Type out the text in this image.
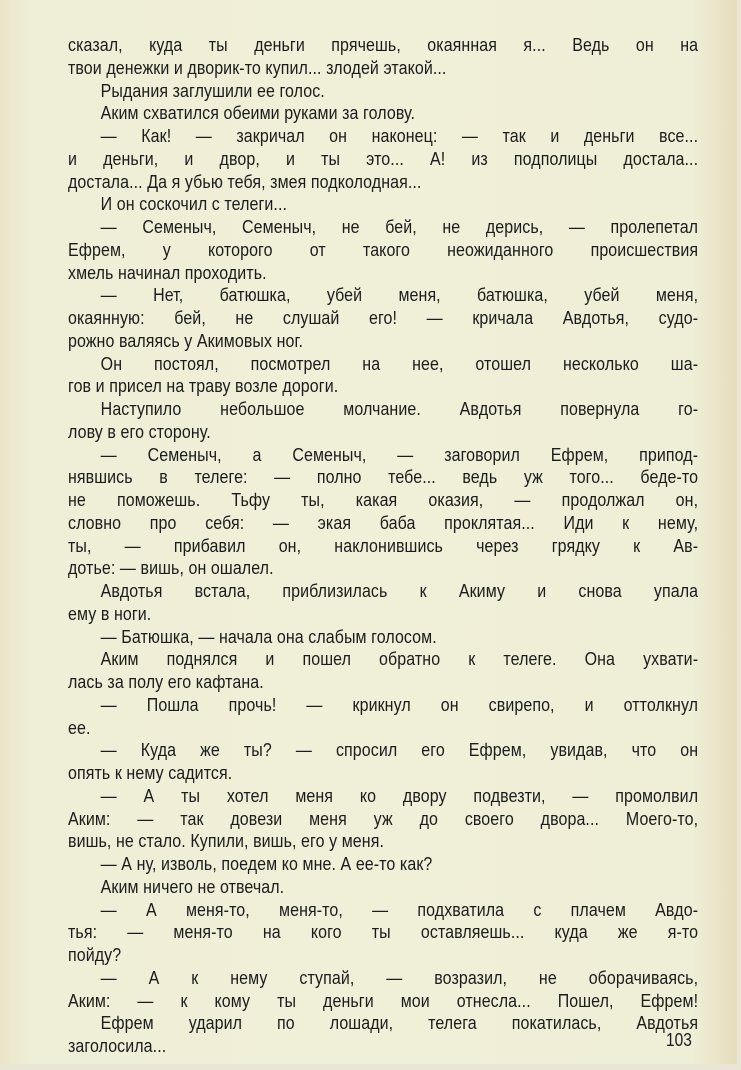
сказал, куда ты деньги прячешь, окаянная я... Ведь он на
твои денежки и дворик-то купил... злодей этакой...
Рыдания заглушили ее голос.
Аким схватился обеими руками за голову.
— Как! — закричал он наконец: — так и деньги все...
и деньги, и двор, и ты это... А! из подполицы достала...
достала... Да я убью тебя, змея подколодная...
И он соскочил с телеги...
— Семеныч, Семеныч, не бей, не дерись, — пролепетал
Ефрем, у которого от такого неожиданного происшествия
хмель начинал проходить.
— Нет, батюшка, убей меня, батюшка, убей меня,
окаянную: бей, не слушай его! — кричала Авдотья, судо-
рожно валяясь у Акимовых ног.
Он постоял, посмотрел на нее, отошел несколько ша-
гов и присел на траву возле дороги.
Наступило небольшое молчание. Авдотья повернула го-
лову в его сторону.
— Семеныч, а Семеныч, — заговорил Ефрем, припод-
нявшись в телеге: — полно тебе... ведь уж того... беде-то
не поможешь. Тьфу ты, какая оказия, — продолжал он,
словно про себя: — экая баба проклятая... Иди к нему,
ты, — прибавил он, наклонившись через грядку к Ав-
дотье: — вишь, он ошалел.
Авдотья встала, приблизилась к Акиму и снова упала
ему в ноги.
— Батюшка, — начала она слабым голосом.
Аким поднялся и пошел обратно к телеге. Она ухвати-
лась за полу его кафтана.
— Пошла прочь! — крикнул он свирепо, и оттолкнул
ее.
— Куда же ты? — спросил его Ефрем, увидав, что он
опять к нему садится.
— А ты хотел меня ко двору подвезти, — промолвил
Аким: — так довези меня уж до своего двора... Моего-то,
вишь, не стало. Купили, вишь, его у меня.
— А ну, изволь, поедем ко мне. А ее-то как?
Аким ничего не отвечал.
— А меня-то, меня-то, — подхватила с плачем Авдо-
тья: — меня-то на кого ты оставляешь... куда же я-то
пойду?
— А к нему ступай, — возразил, не оборачиваясь,
Аким: — к кому ты деньги мои отнесла... Пошел, Ефрем!
Ефрем ударил по лошади, телега покатилась, Авдотья
заголосила...	103
